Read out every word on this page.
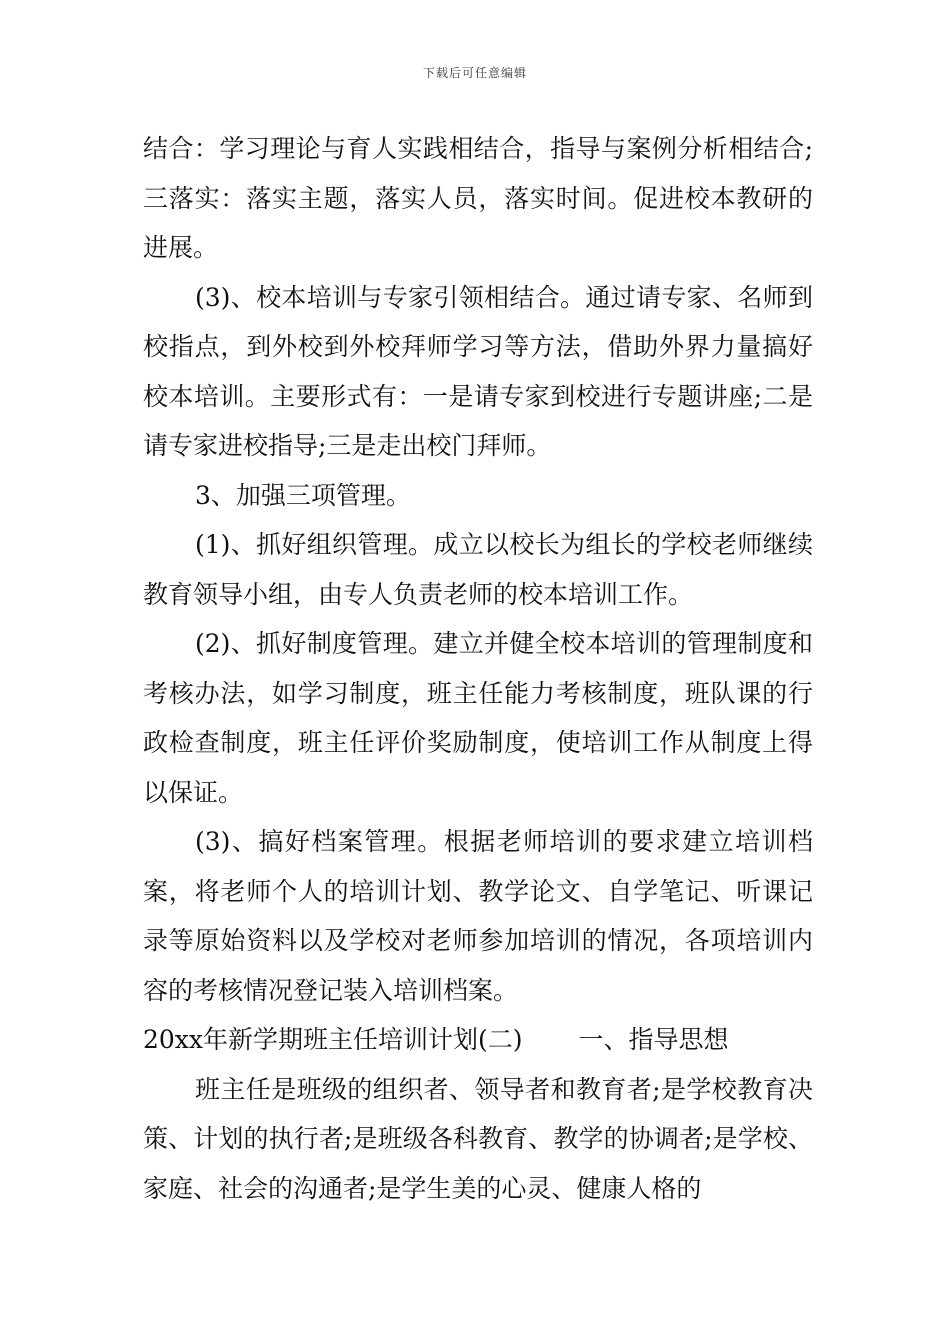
下载后可任意编辑

结合：学习理论与育人实践相结合，指导与案例分析相结合;三落实：落实主题，落实人员，落实时间。促进校本教研的进展。

(3)、校本培训与专家引领相结合。通过请专家、名师到校指点，到外校到外校拜师学习等方法，借助外界力量搞好校本培训。主要形式有：一是请专家到校进行专题讲座;二是请专家进校指导;三是走出校门拜师。

3、加强三项管理。

(1)、抓好组织管理。成立以校长为组长的学校老师继续教育领导小组，由专人负责老师的校本培训工作。

(2)、抓好制度管理。建立并健全校本培训的管理制度和考核办法，如学习制度，班主任能力考核制度，班队课的行政检查制度，班主任评价奖励制度，使培训工作从制度上得以保证。

(3)、搞好档案管理。根据老师培训的要求建立培训档案，将老师个人的培训计划、教学论文、自学笔记、听课记录等原始资料以及学校对老师参加培训的情况，各项培训内容的考核情况登记装入培训档案。

20xx年新学期班主任培训计划(二) 一、指导思想

班主任是班级的组织者、领导者和教育者;是学校教育决策、计划的执行者;是班级各科教育、教学的协调者;是学校、家庭、社会的沟通者;是学生美的心灵、健康人格的
